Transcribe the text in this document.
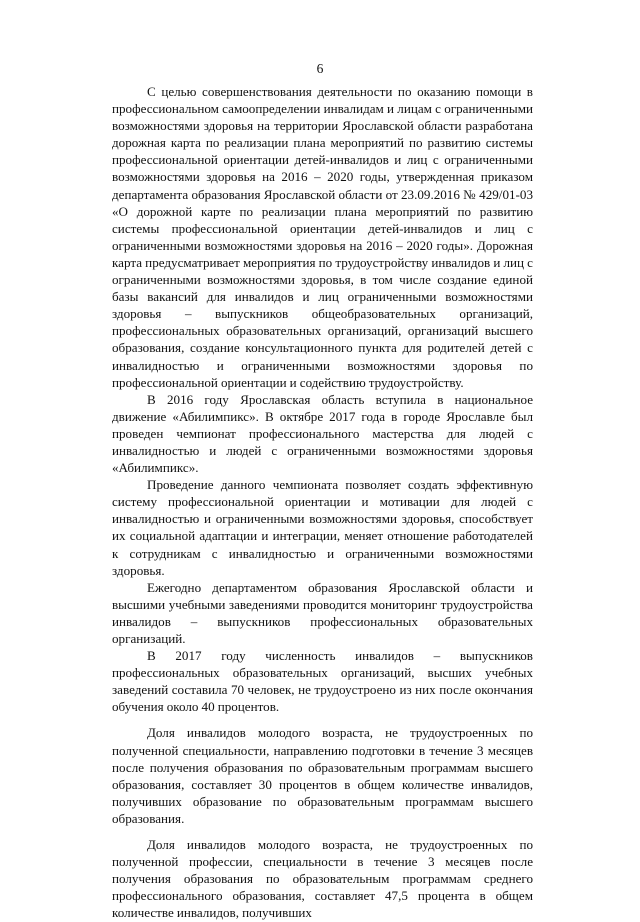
6

С целью совершенствования деятельности по оказанию помощи в профессиональном самоопределении инвалидам и лицам с ограниченными возможностями здоровья на территории Ярославской области разработана дорожная карта по реализации плана мероприятий по развитию системы профессиональной ориентации детей-инвалидов и лиц с ограниченными возможностями здоровья на 2016 – 2020 годы, утвержденная приказом департамента образования Ярославской области от 23.09.2016 № 429/01-03 «О дорожной карте по реализации плана мероприятий по развитию системы профессиональной ориентации детей-инвалидов и лиц с ограниченными возможностями здоровья на 2016 – 2020 годы». Дорожная карта предусматривает мероприятия по трудоустройству инвалидов и лиц с ограниченными возможностями здоровья, в том числе создание единой базы вакансий для инвалидов и лиц ограниченными возможностями здоровья – выпускников общеобразовательных организаций, профессиональных образовательных организаций, организаций высшего образования, создание консультационного пункта для родителей детей с инвалидностью и ограниченными возможностями здоровья по профессиональной ориентации и содействию трудоустройству.

В 2016 году Ярославская область вступила в национальное движение «Абилимпикс». В октябре 2017 года в городе Ярославле был проведен чемпионат профессионального мастерства для людей с инвалидностью и людей с ограниченными возможностями здоровья «Абилимпикс».

Проведение данного чемпионата позволяет создать эффективную систему профессиональной ориентации и мотивации для людей с инвалидностью и ограниченными возможностями здоровья, способствует их социальной адаптации и интеграции, меняет отношение работодателей к сотрудникам с инвалидностью и ограниченными возможностями здоровья.

Ежегодно департаментом образования Ярославской области и высшими учебными заведениями проводится мониторинг трудоустройства инвалидов – выпускников профессиональных образовательных организаций.

В 2017 году численность инвалидов – выпускников профессиональных образовательных организаций, высших учебных заведений составила 70 человек, не трудоустроено из них после окончания обучения около 40 процентов.

Доля инвалидов молодого возраста, не трудоустроенных по полученной специальности, направлению подготовки в течение 3 месяцев после получения образования по образовательным программам высшего образования, составляет 30 процентов в общем количестве инвалидов, получивших образование по образовательным программам высшего образования.

Доля инвалидов молодого возраста, не трудоустроенных по полученной профессии, специальности в течение 3 месяцев после получения образования по образовательным программам среднего профессионального образования, составляет 47,5 процента в общем количестве инвалидов, получивших
